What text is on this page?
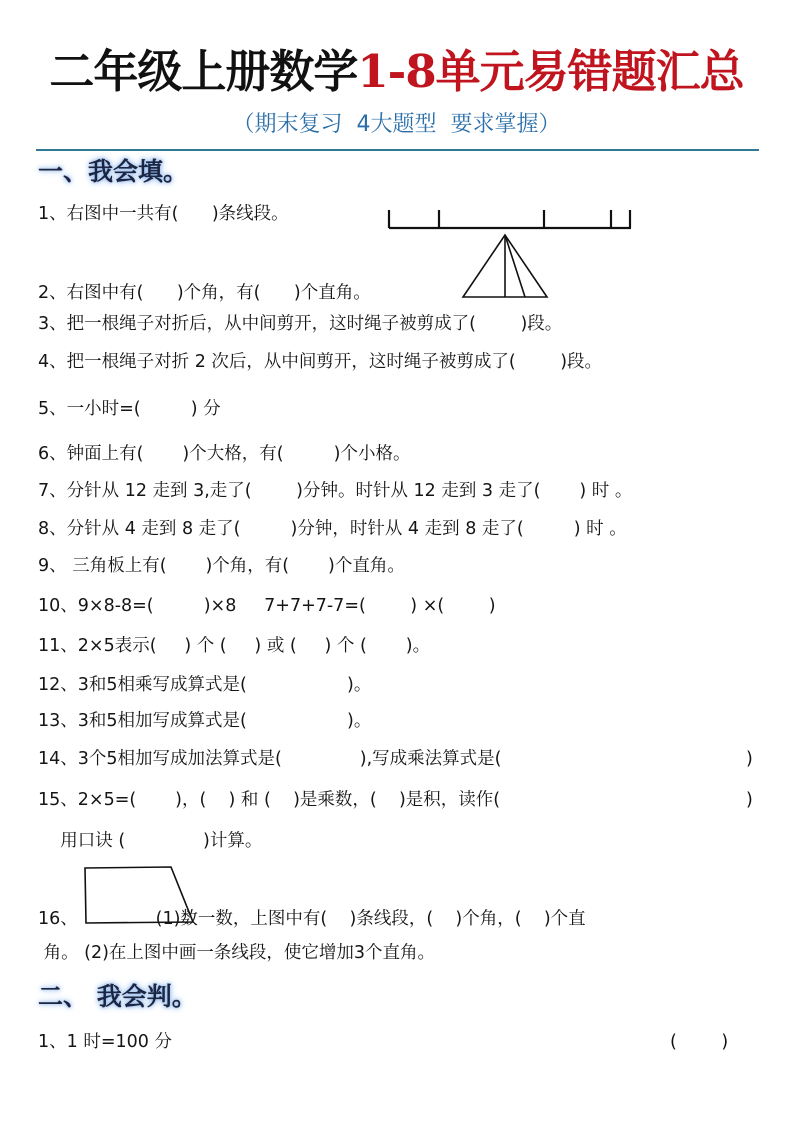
二年级上册数学1-8单元易错题汇总
（期末复习  4大题型  要求掌握）
一、我会填。
1、右图中一共有(      )条线段。
2、右图中有(      )个角，有(      )个直角。
3、把一根绳子对折后，从中间剪开，这时绳子被剪成了(        )段。
4、把一根绳子对折 2 次后，从中间剪开，这时绳子被剪成了(        )段。
5、一小时=(         ) 分
6、钟面上有(       )个大格，有(         )个小格。
7、分针从 12 走到 3,走了(        )分钟。时针从 12 走到 3 走了(       ) 时 。
8、分针从 4 走到 8 走了(         )分钟，时针从 4 走到 8 走了(         ) 时 。
9、 三角板上有(       )个角，有(       )个直角。
10、9×8-8=(         )×8     7+7+7-7=(        ) ×(        )
11、2×5表示(     ) 个 (     ) 或 (     ) 个 (       )。
12、3和5相乘写成算式是(                  )。
13、3和5相加写成算式是(                  )。
14、3个5相加写成加法算式是(              ),写成乘法算式是(	)
15、2×5=(       )，(    ) 和 (    )是乘数，(    )是积，读作(	)
用口诀 (              )计算。
16、              (1)数一数，上图中有(    )条线段，(    )个角，(    )个直
角。 (2)在上图中画一条线段，使它增加3个直角。
二、 我会判。
1、1 时=100 分	(        )
